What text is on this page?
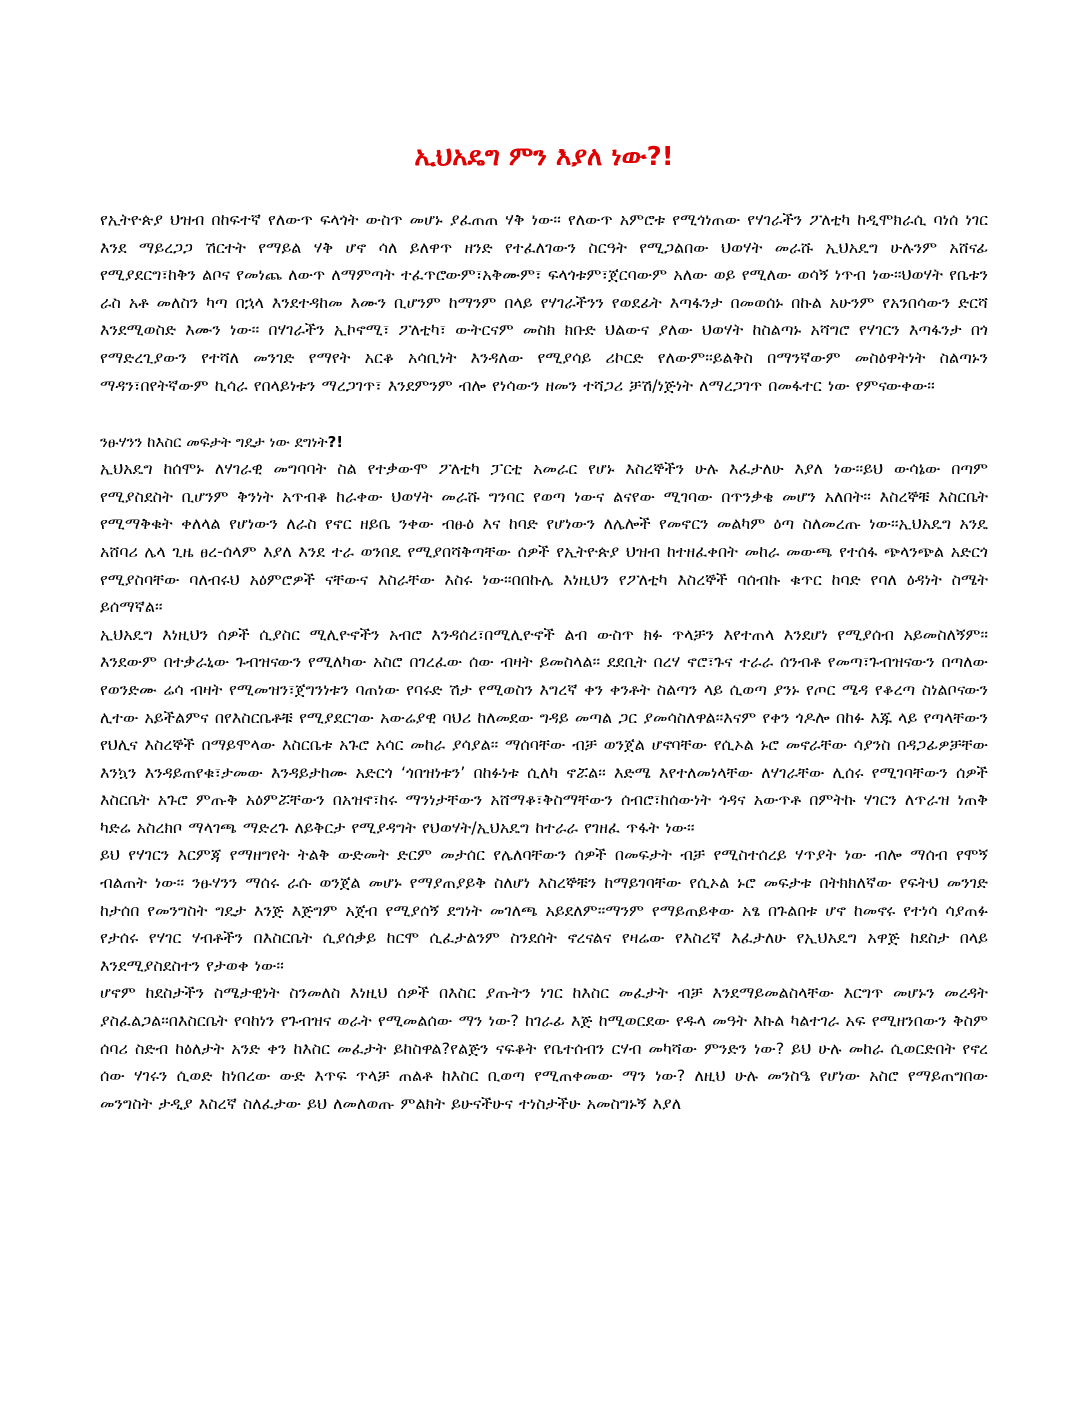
ኢህአዴግ ምን እያለ ነው?!

የኢትዮጵያ ህዝብ በከፍተኛ የለውጥ ፍላጎት ውስጥ መሆኑ ያፈጠጠ ሃቅ ነው፡፡ የለውጥ አምሮቱ የሚጎነጠው የሃገራችን ፖለቲካ ከዲሞክራሲ ባነሰ ነገር እንደ ማይረጋጋ ሽርተት የማይል ሃቅ ሆኖ ሳለ ይለዋጥ ዘንድ የተፈለገውን ስርዓት የሚጋልበው ህወሃት መራሹ ኢህአዴግ ሁሉንም አሸናፊ የሚያደርግ፣ከቅን ልቦና የመነጨ ለውጥ ለማምጣት ተፈጥሮውም፣አቅሙም፣ ፍላጎቱም፣ጀርባውም አለው ወይ የሚለው ወሳኝ ነጥብ ነው፡፡ህወሃት የቤቱን ራስ አቶ መለስን ካጣ በኋላ እንደተዳከመ እሙን ቢሆንም ከማንም በላይ የሃገራችንን የወደፊት እጣፋንታ በመወሰኑ በኩል አሁንም የአንበሳውን ድርሻ እንደሚወስድ እሙን ነው፡፡ በሃገራችን ኢኮኖሚ፣ ፖለቲካ፣ ውትርናም መስክ ክቡድ ህልውና ያለው ህወሃት ከስልጣኑ አሻግሮ የሃገርን እጣፋንታ በጎ የማድረጊያውን የተሻለ መንገድ የማየት አርቆ አሳቢነት እንዳለው የሚያሳይ ሪኮርድ የለውም፡፡ይልቅስ በማንኛውም መስዕዋትነት ስልጣኑን ማዳን፣በየትኛውም ኪሳራ የበላይነቱን ማረጋገጥ፣ እንደምንም ብሎ የነሳውን ዘመን ተሻጋሪ ቻሽ/ነጅነት ለማረጋገጥ በመፋተር ነው የምናውቀው፡፡

ንፁሃንን ከእስር መፍታት ግዴታ ነው ደግነት?!

ኢህአዴግ ከሰሞኑ ለሃገራዊ መግባባት ስል የተቃውሞ ፖለቲካ ፓርቲ አመራር የሆኑ እስረኞችን ሁሉ እፈታለሁ እያለ ነው፡፡ይህ ውሳኔው በጣም የሚያስደስት ቢሆንም ቅንነት አጥብቆ ከራቀው ህወሃት መራሹ ግንባር የወጣ ነውና ልናየው ሚገባው በጥንቃቄ መሆን አለበት፡፡ እስረኞቹ እስርቤት የሚማቅቁት ቀለላል የሆነውን ለራስ የኖር ዘይቤ ንቀው ብፁዕ እና ከባድ የሆነውን ለሌሎች የመኖርን መልካም ዕጣ ስለመረጡ ነው፡፡ኢህአዴግ አንዴ አሸባሪ ሌላ ጊዜ ፀረ-ሰላም እያለ እንደ ተራ ወንበዴ የሚያበሻቅጣቸው ሰዎች የኢትዮጵያ ህዝብ ከተዘፈቀበት መከራ መውጫ የተሰፋ ጭላንጭል አድርጎ የሚያስባቸው ባለብሩህ አዕምሮዎች ናቸውና እስራቸው እስሩ ነው፡፡በበኩሌ እነዚህን የፖለቲካ እስረኞች ባሰብኩ ቁጥር ከባድ የባለ ዕዳነት ስሜት ይሰማኛል፡፡

ኢህአዴግ እነዚህን ሰዎች ሲያስር ሚሊዮኖችን አብሮ እንዳሰረ፣በሚሊዮኖች ልብ ውስጥ ክፉ ጥላቻን እየተጠላ እንደሆነ የሚያሰብ አይመስለኝም፡፡ እንደውም በተቃራኒው ጉብዝናውን የሚለካው አስሮ በገረፈው ሰው ብዛት ይመስላል፡፡ ደደቢት በረሃ ኖሮ፣ጉና ተራራ ሰንብቶ የመጣ፣ጉብዝናውን በጣለው የወንድሙ ሬሳ ብዛት የሚመዝን፣ጀግንነቱን ባጠነው የባሩድ ሽታ የሚወስን እግረኛ ቀን ቀንቶት ስልጣን ላይ ሲወጣ ያንኑ የጦር ሜዳ የቆረጣ ስነልቦናውን ሊተው አይችልምና በየእስርቤቶቹ የሚያደርገው አውሬያዊ ባህሪ ከለመደው ግዳይ መጣል ጋር ያመሳስለዋል፡፡እናም የቀን ጎዶሎ በከፉ እጁ ላይ የጣላቸውን የህሊና እስረኞች በማይሞላው እስርቤቱ አጉሮ አሳር መከራ ያሳያል፡፡ ማሰባቸው ብቻ ወንጀል ሆኖባቸው የሲኦል ኑሮ መኖራቸው ሳያንስ በዳጋፊዎቻቸው እንኳን እንዳይጠየቁ፣ታመው እንዳይታከሙ አድርጎ ‘ጎበዝነቱን’ በከፉነቱ ሲለካ ኖሯል፡፡ እድሜ እየተለመነላቸው ለሃገራቸው ሊሰሩ የሚገባቸውን ሰዎች እስርቤት አጉሮ ምጡቅ አዕምሯቸውን በአዝኖ፣ከሩ ማንነታቸውን አሸማቆ፣ቅስማቸውን ሰብሮ፣ከሰውነት ጎዳና አውጥቶ በምትኩ ሃገርን ለጥራዝ ነጠቅ ካድሬ አስረክቦ ማላገጫ ማድረጉ ለይቅርታ የሚያዳግት የህወሃት/ኢህአዴግ ከተራራ የገዘፈ ጥፋት ነው፡፡

ይህ የሃገርን እርምጃ የማዘግየት ትልቅ ውድመት ድርም መታሰር የሌለባቸውን ሰዎች በመፍታት ብቻ የሚስተሰረይ ሃጥያት ነው ብሎ ማሰብ የሞኝ ብልጠት ነው፡፡ ንፁሃንን ማሰሩ ራሱ ወንጀል መሆኑ የማያጠያይቅ ስለሆነ እስረኞቹን ከማይገባቸው የሲኦል ኑሮ መፍታቱ በትክክለኛው የፍትህ መንገድ ከታሰበ የመንግስት ግዴታ እንጅ እጅግም አጀብ የሚያሰኝ ደግነት መገለጫ አይደለም፡፡ማንም የማይጠይቀው አፄ በጉልበቱ ሆኖ ከመኖሩ የተነሳ ሳያጠፉ የታሰሩ የሃገር ሃብቶችን በእስርቤት ሲያሰቃይ ከርሞ ሲፈታልንም ስንደሰት ኖረናልና የዛሬው የእስረኛ እፈታለሁ የኢህአዴግ አዋጅ ከደስታ በላይ እንደሚያስደስተን የታወቀ ነው፡፡

ሆኖም ከደስታችን ስሜታዊነት ስንመለስ እነዚህ ሰዎች በእስር ያጡትን ነገር ከእስር መፈታት ብቻ እንደማይመልስላቸው እርግጥ መሆኑን መረዳት ያስፈልጋል፡፡በእስርቤት የባከነን የጉብዝና ወራት የሚመልሰው ማን ነው? ከገራፊ እጅ ከሚወርደው የዱላ መዓት እኩል ካልተገራ አፍ የሚዘንበውን ቅስም ሰባሪ ስድብ ከዕለታት አንድ ቀን ከእስር መፈታት ይከስዋል?የልጅን ናፍቆት የቤተሰብን ርሃብ መካሻው ምንድን ነው? ይህ ሁሉ መከራ ሲወርድበት የኖረ ሰው ሃገሩን ሲወድ ከነበረው ውድ እጥፍ ጥላቻ ጠልቶ ከእስር ቢወጣ የሚጠቀመው ማን ነው? ለዚህ ሁሉ መንስዔ የሆነው አስሮ የማይጠግበው መንግስት ታዲያ እስረኛ ስለፈታው ይህ ለመለወጡ ምልክት ይሁናችሁና ተነስታችሁ አመስግኑኝ እያለ
